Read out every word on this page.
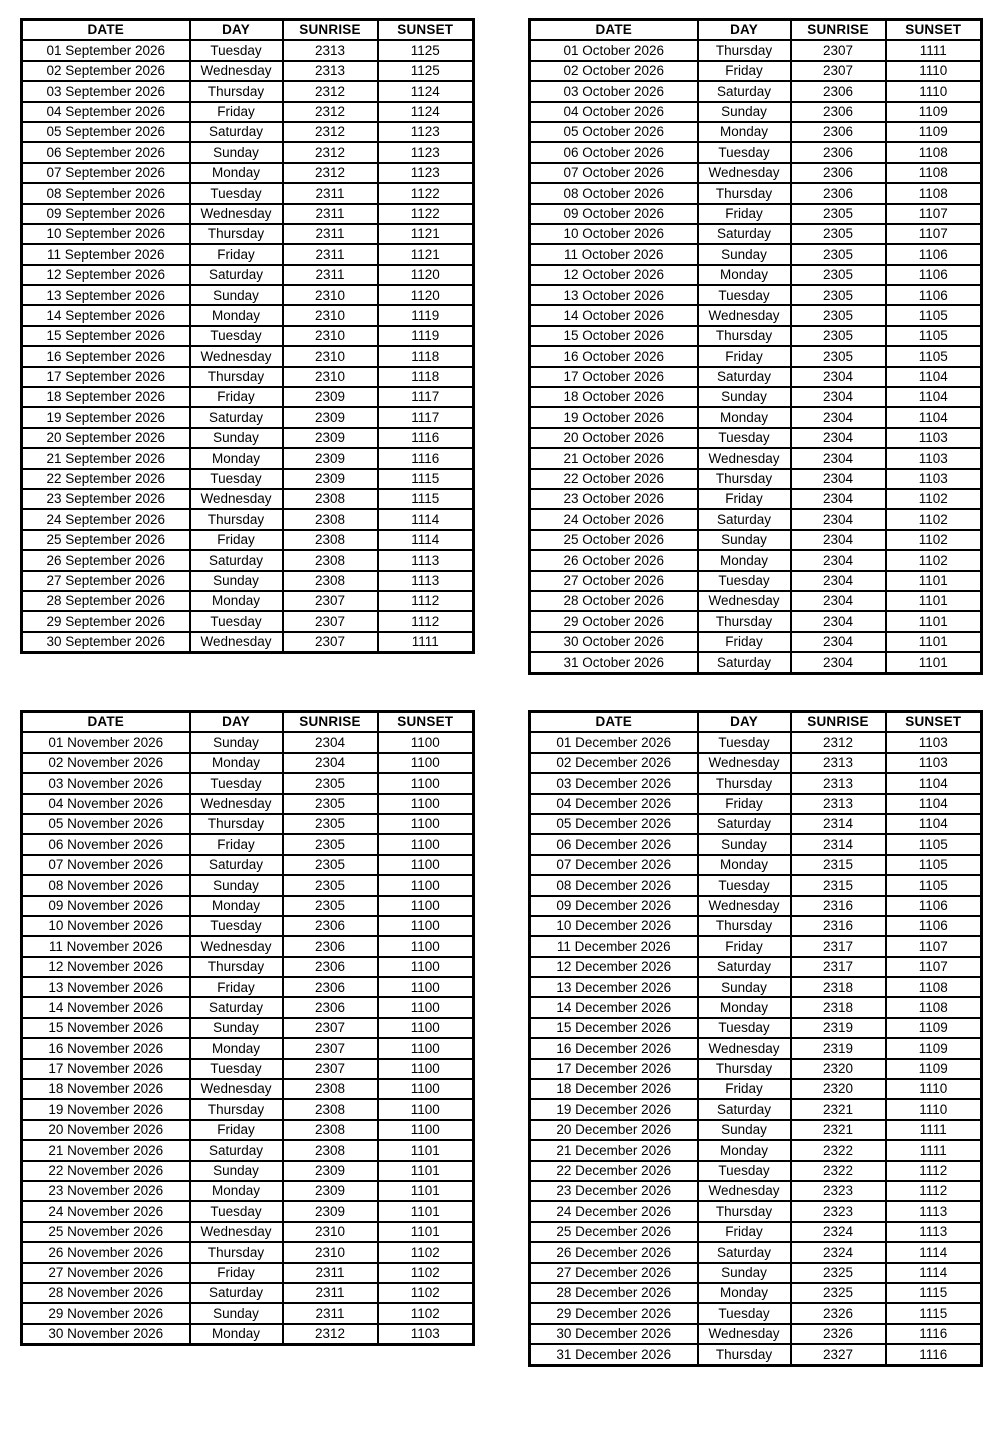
DATE	DAY	SUNRISE	SUNSET
01 September 2026	Tuesday	2313	1125
02 September 2026	Wednesday	2313	1125
03 September 2026	Thursday	2312	1124
04 September 2026	Friday	2312	1124
05 September 2026	Saturday	2312	1123
06 September 2026	Sunday	2312	1123
07 September 2026	Monday	2312	1123
08 September 2026	Tuesday	2311	1122
09 September 2026	Wednesday	2311	1122
10 September 2026	Thursday	2311	1121
11 September 2026	Friday	2311	1121
12 September 2026	Saturday	2311	1120
13 September 2026	Sunday	2310	1120
14 September 2026	Monday	2310	1119
15 September 2026	Tuesday	2310	1119
16 September 2026	Wednesday	2310	1118
17 September 2026	Thursday	2310	1118
18 September 2026	Friday	2309	1117
19 September 2026	Saturday	2309	1117
20 September 2026	Sunday	2309	1116
21 September 2026	Monday	2309	1116
22 September 2026	Tuesday	2309	1115
23 September 2026	Wednesday	2308	1115
24 September 2026	Thursday	2308	1114
25 September 2026	Friday	2308	1114
26 September 2026	Saturday	2308	1113
27 September 2026	Sunday	2308	1113
28 September 2026	Monday	2307	1112
29 September 2026	Tuesday	2307	1112
30 September 2026	Wednesday	2307	1111
DATE	DAY	SUNRISE	SUNSET
01 October 2026	Thursday	2307	1111
02 October 2026	Friday	2307	1110
03 October 2026	Saturday	2306	1110
04 October 2026	Sunday	2306	1109
05 October 2026	Monday	2306	1109
06 October 2026	Tuesday	2306	1108
07 October 2026	Wednesday	2306	1108
08 October 2026	Thursday	2306	1108
09 October 2026	Friday	2305	1107
10 October 2026	Saturday	2305	1107
11 October 2026	Sunday	2305	1106
12 October 2026	Monday	2305	1106
13 October 2026	Tuesday	2305	1106
14 October 2026	Wednesday	2305	1105
15 October 2026	Thursday	2305	1105
16 October 2026	Friday	2305	1105
17 October 2026	Saturday	2304	1104
18 October 2026	Sunday	2304	1104
19 October 2026	Monday	2304	1104
20 October 2026	Tuesday	2304	1103
21 October 2026	Wednesday	2304	1103
22 October 2026	Thursday	2304	1103
23 October 2026	Friday	2304	1102
24 October 2026	Saturday	2304	1102
25 October 2026	Sunday	2304	1102
26 October 2026	Monday	2304	1102
27 October 2026	Tuesday	2304	1101
28 October 2026	Wednesday	2304	1101
29 October 2026	Thursday	2304	1101
30 October 2026	Friday	2304	1101
31 October 2026	Saturday	2304	1101
DATE	DAY	SUNRISE	SUNSET
01 November 2026	Sunday	2304	1100
02 November 2026	Monday	2304	1100
03 November 2026	Tuesday	2305	1100
04 November 2026	Wednesday	2305	1100
05 November 2026	Thursday	2305	1100
06 November 2026	Friday	2305	1100
07 November 2026	Saturday	2305	1100
08 November 2026	Sunday	2305	1100
09 November 2026	Monday	2305	1100
10 November 2026	Tuesday	2306	1100
11 November 2026	Wednesday	2306	1100
12 November 2026	Thursday	2306	1100
13 November 2026	Friday	2306	1100
14 November 2026	Saturday	2306	1100
15 November 2026	Sunday	2307	1100
16 November 2026	Monday	2307	1100
17 November 2026	Tuesday	2307	1100
18 November 2026	Wednesday	2308	1100
19 November 2026	Thursday	2308	1100
20 November 2026	Friday	2308	1100
21 November 2026	Saturday	2308	1101
22 November 2026	Sunday	2309	1101
23 November 2026	Monday	2309	1101
24 November 2026	Tuesday	2309	1101
25 November 2026	Wednesday	2310	1101
26 November 2026	Thursday	2310	1102
27 November 2026	Friday	2311	1102
28 November 2026	Saturday	2311	1102
29 November 2026	Sunday	2311	1102
30 November 2026	Monday	2312	1103
DATE	DAY	SUNRISE	SUNSET
01 December 2026	Tuesday	2312	1103
02 December 2026	Wednesday	2313	1103
03 December 2026	Thursday	2313	1104
04 December 2026	Friday	2313	1104
05 December 2026	Saturday	2314	1104
06 December 2026	Sunday	2314	1105
07 December 2026	Monday	2315	1105
08 December 2026	Tuesday	2315	1105
09 December 2026	Wednesday	2316	1106
10 December 2026	Thursday	2316	1106
11 December 2026	Friday	2317	1107
12 December 2026	Saturday	2317	1107
13 December 2026	Sunday	2318	1108
14 December 2026	Monday	2318	1108
15 December 2026	Tuesday	2319	1109
16 December 2026	Wednesday	2319	1109
17 December 2026	Thursday	2320	1109
18 December 2026	Friday	2320	1110
19 December 2026	Saturday	2321	1110
20 December 2026	Sunday	2321	1111
21 December 2026	Monday	2322	1111
22 December 2026	Tuesday	2322	1112
23 December 2026	Wednesday	2323	1112
24 December 2026	Thursday	2323	1113
25 December 2026	Friday	2324	1113
26 December 2026	Saturday	2324	1114
27 December 2026	Sunday	2325	1114
28 December 2026	Monday	2325	1115
29 December 2026	Tuesday	2326	1115
30 December 2026	Wednesday	2326	1116
31 December 2026	Thursday	2327	1116
